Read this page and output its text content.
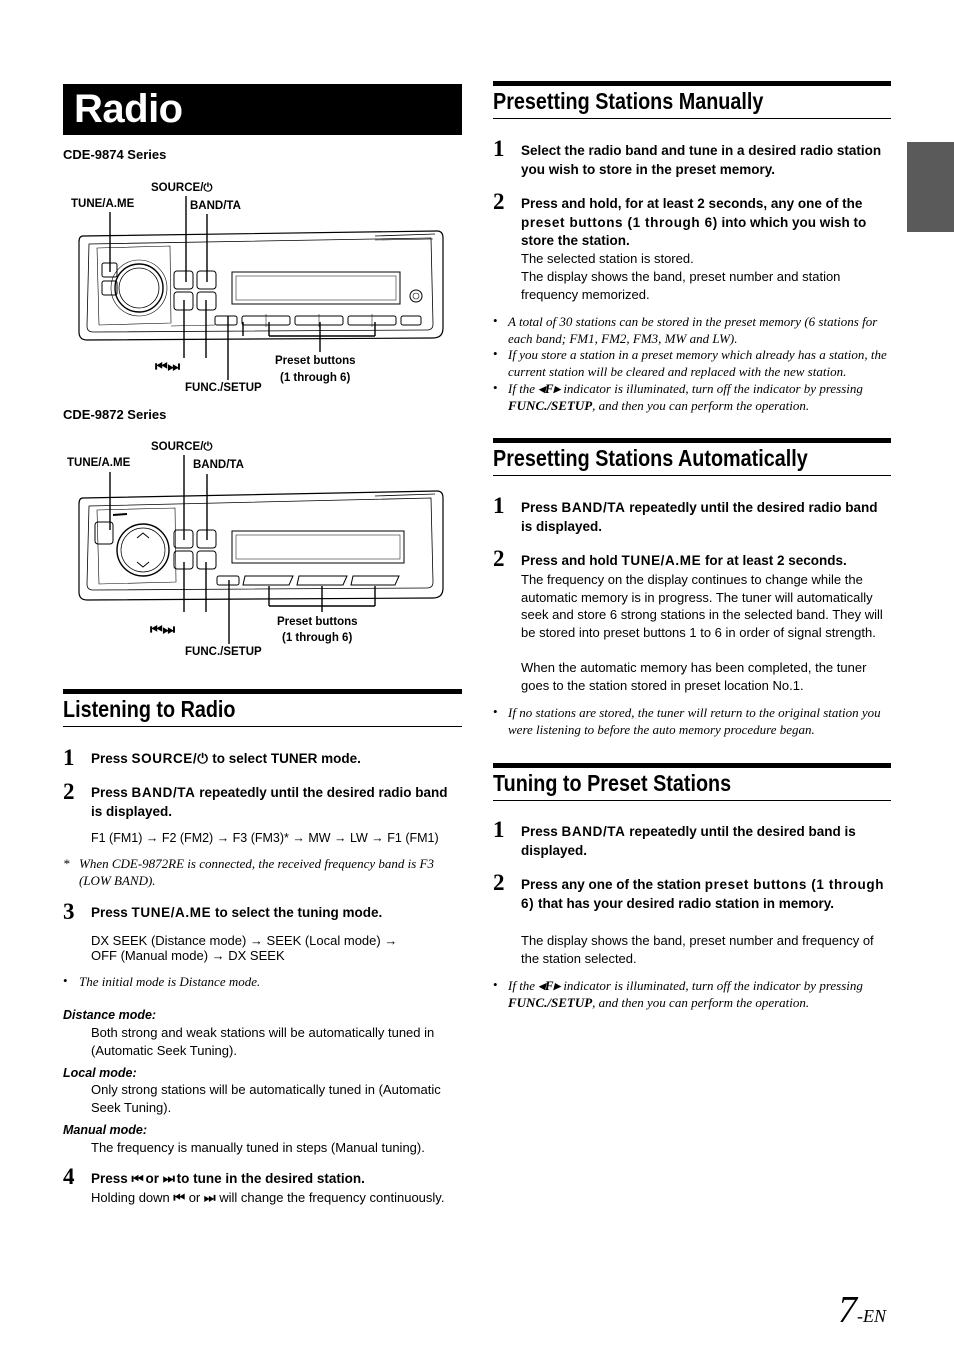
Radio
CDE-9874 Series
SOURCE/⏻
TUNE/A.ME	BAND/TA
⏮ ⏭	Preset buttons
(1 through 6)
FUNC./SETUP
CDE-9872 Series
SOURCE/⏻
TUNE/A.ME	BAND/TA
⏮ ⏭	Preset buttons
(1 through 6)
FUNC./SETUP
Listening to Radio
1 Press SOURCE/⏻ to select TUNER mode.
2 Press BAND/TA repeatedly until the desired radio band is displayed.
F1 (FM1) → F2 (FM2) → F3 (FM3)* → MW → LW → F1 (FM1)
* When CDE-9872RE is connected, the received frequency band is F3 (LOW BAND).
3 Press TUNE/A.ME to select the tuning mode.
DX SEEK (Distance mode) → SEEK (Local mode) →
OFF (Manual mode) → DX SEEK
• The initial mode is Distance mode.
Distance mode:
Both strong and weak stations will be automatically tuned in (Automatic Seek Tuning).
Local mode:
Only strong stations will be automatically tuned in (Automatic Seek Tuning).
Manual mode:
The frequency is manually tuned in steps (Manual tuning).
4 Press ⏮ or ⏭ to tune in the desired station.
Holding down ⏮ or ⏭ will change the frequency continuously.
Presetting Stations Manually
1 Select the radio band and tune in a desired radio station you wish to store in the preset memory.
2 Press and hold, for at least 2 seconds, any one of the preset buttons (1 through 6) into which you wish to store the station.
The selected station is stored.
The display shows the band, preset number and station frequency memorized.
• A total of 30 stations can be stored in the preset memory (6 stations for each band; FM1, FM2, FM3, MW and LW).
• If you store a station in a preset memory which already has a station, the current station will be cleared and replaced with the new station.
• If the ◂F▸ indicator is illuminated, turn off the indicator by pressing FUNC./SETUP, and then you can perform the operation.
Presetting Stations Automatically
1 Press BAND/TA repeatedly until the desired radio band is displayed.
2 Press and hold TUNE/A.ME for at least 2 seconds.
The frequency on the display continues to change while the automatic memory is in progress. The tuner will automatically seek and store 6 strong stations in the selected band. They will be stored into preset buttons 1 to 6 in order of signal strength.
When the automatic memory has been completed, the tuner goes to the station stored in preset location No.1.
• If no stations are stored, the tuner will return to the original station you were listening to before the auto memory procedure began.
Tuning to Preset Stations
1 Press BAND/TA repeatedly until the desired band is displayed.
2 Press any one of the station preset buttons (1 through 6) that has your desired radio station in memory.
The display shows the band, preset number and frequency of the station selected.
• If the ◂F▸ indicator is illuminated, turn off the indicator by pressing FUNC./SETUP, and then you can perform the operation.
7-EN
